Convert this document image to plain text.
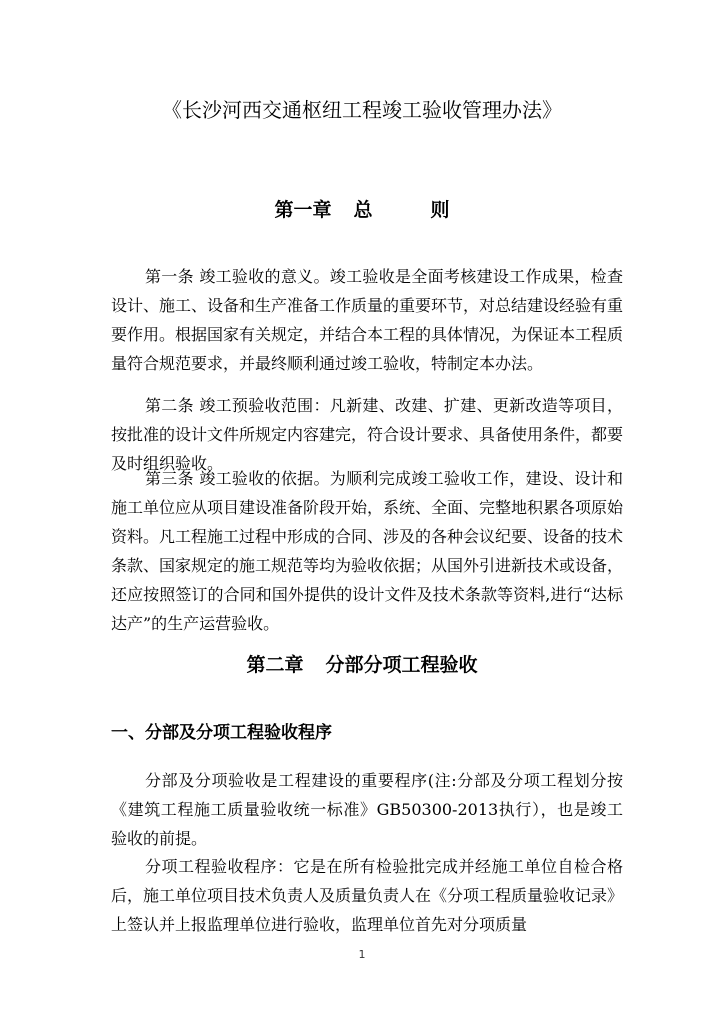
《长沙河西交通枢纽工程竣工验收管理办法》
第一章 总	则
第一条 竣工验收的意义。竣工验收是全面考核建设工作成果，检查设计、施工、设备和生产准备工作质量的重要环节，对总结建设经验有重要作用。根据国家有关规定，并结合本工程的具体情况，为保证本工程质量符合规范要求，并最终顺利通过竣工验收，特制定本办法。
第二条 竣工预验收范围：凡新建、改建、扩建、更新改造等项目，按批准的设计文件所规定内容建完，符合设计要求、具备使用条件，都要及时组织验收。
第三条 竣工验收的依据。为顺利完成竣工验收工作，建设、设计和施工单位应从项目建设准备阶段开始，系统、全面、完整地积累各项原始资料。凡工程施工过程中形成的合同、涉及的各种会议纪要、设备的技术条款、国家规定的施工规范等均为验收依据；从国外引进新技术或设备，还应按照签订的合同和国外提供的设计文件及技术条款等资料,进行“达标达产”的生产运营验收。
第二章 分部分项工程验收
一、分部及分项工程验收程序
分部及分项验收是工程建设的重要程序(注:分部及分项工程划分按《建筑工程施工质量验收统一标准》GB50300-2013执行），也是竣工验收的前提。
分项工程验收程序：它是在所有检验批完成并经施工单位自检合格后，施工单位项目技术负责人及质量负责人在《分项工程质量验收记录》上签认并上报监理单位进行验收，监理单位首先对分项质量
1
